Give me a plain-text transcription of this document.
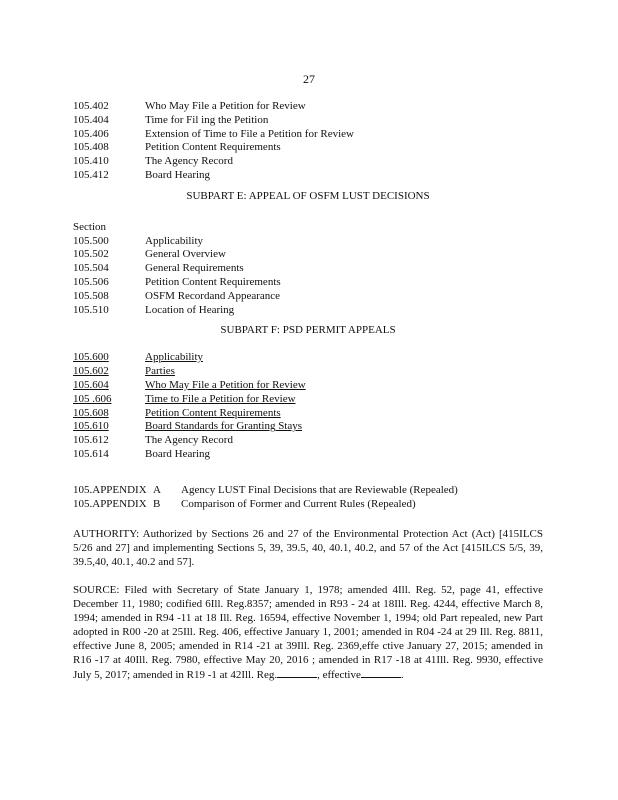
27
105.402	Who May File a Petition for Review
105.404	Time for Fil ing the Petition
105.406	Extension of Time to File a Petition for Review
105.408	Petition Content Requirements
105.410	The Agency Record
105.412	Board Hearing
SUBPART E: APPEAL OF OSFM LUST DECISIONS
Section
105.500	Applicability
105.502	General Overview
105.504	General Requirements
105.506	Petition Content Requirements
105.508	OSFM Recordand Appearance
105.510	Location of Hearing
SUBPART F: PSD PERMIT APPEALS
105.600	Applicability
105.602	Parties
105.604	Who May File a Petition for Review
105 .606	Time to File a Petition for Review
105.608	Petition Content Requirements
105.610	Board Standards for Granting Stays
105.612	The Agency Record
105.614	Board Hearing
105.APPENDIX A	Agency LUST Final Decisions that are Reviewable (Repealed)
105.APPENDIX B	Comparison of Former and Current Rules (Repealed)
AUTHORITY: Authorized by Sections 26 and 27 of the Environmental Protection Act (Act) [415ILCS 5/26 and 27] and implementing Sections 5, 39, 39.5, 40, 40.1, 40.2, and 57 of the Act [415ILCS 5/5, 39, 39.5,40, 40.1, 40.2 and 57].
SOURCE: Filed with Secretary of State January 1, 1978; amended 4Ill. Reg. 52, page 41, effective December 11, 1980; codified 6Ill. Reg.8357; amended in R93 - 24 at 18Ill. Reg. 4244, effective March 8, 1994; amended in R94 -11 at 18 Ill. Reg. 16594, effective November 1, 1994; old Part repealed, new Part adopted in R00 -20 at 25Ill. Reg. 406, effective January 1, 2001; amended in R04 -24 at 29 Ill. Reg. 8811, effective June 8, 2005; amended in R14 -21 at 39Ill. Reg. 2369,effe ctive January 27, 2015; amended in R16 -17 at 40Ill. Reg. 7980, effective May 20, 2016 ; amended in R17 -18 at 41Ill. Reg. 9930, effective July 5, 2017; amended in R19 -1 at 42Ill. Reg.	, effective	.
